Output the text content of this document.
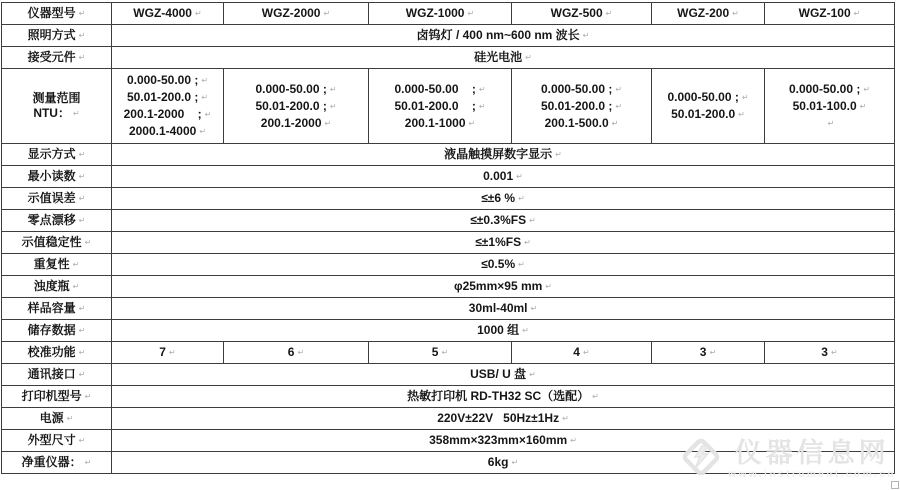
仪器型号 ↵	WGZ-4000 ↵	WGZ-2000 ↵	WGZ-1000 ↵	WGZ-500 ↵	WGZ-200 ↵	WGZ-100 ↵
照明方式 ↵	卤钨灯 / 400 nm~600 nm 波长 ↵
接受元件 ↵	硅光电池 ↵

测量范围
NTU： ↵	0.000-50.00 ; ↵
50.01-200.0 ; ↵
200.1-2000    ; ↵
2000.1-4000 ↵	0.000-50.00 ; ↵
50.01-200.0 ; ↵
200.1-2000 ↵	0.000-50.00    ; ↵
50.01-200.0    ; ↵
200.1-1000 ↵	0.000-50.00 ; ↵
50.01-200.0 ; ↵
200.1-500.0 ↵	0.000-50.00 ; ↵
50.01-200.0 ↵	0.000-50.00 ; ↵
50.01-100.0 ↵
↵

显示方式 ↵	液晶触摸屏数字显示 ↵
最小读数 ↵	0.001 ↵
示值误差 ↵	≤±6 % ↵
零点漂移 ↵	≤±0.3%FS ↵
示值稳定性 ↵	≤±1%FS ↵
重复性 ↵	≤0.5% ↵
浊度瓶 ↵	φ25mm×95 mm ↵
样品容量 ↵	30ml-40ml ↵
储存数据 ↵	1000 组 ↵
校准功能 ↵	7 ↵	6 ↵	5 ↵	4 ↵	3 ↵	3 ↵
通讯接口 ↵	USB/ U 盘 ↵
打印机型号 ↵	热敏打印机 RD-TH32 SC（选配） ↵
电源 ↵	220V±22V   50Hz±1Hz ↵
外型尺寸 ↵	358mm×323mm×160mm ↵
净重仪器： ↵	6kg ↵	仪器信息网
www.instrument.com.cn
